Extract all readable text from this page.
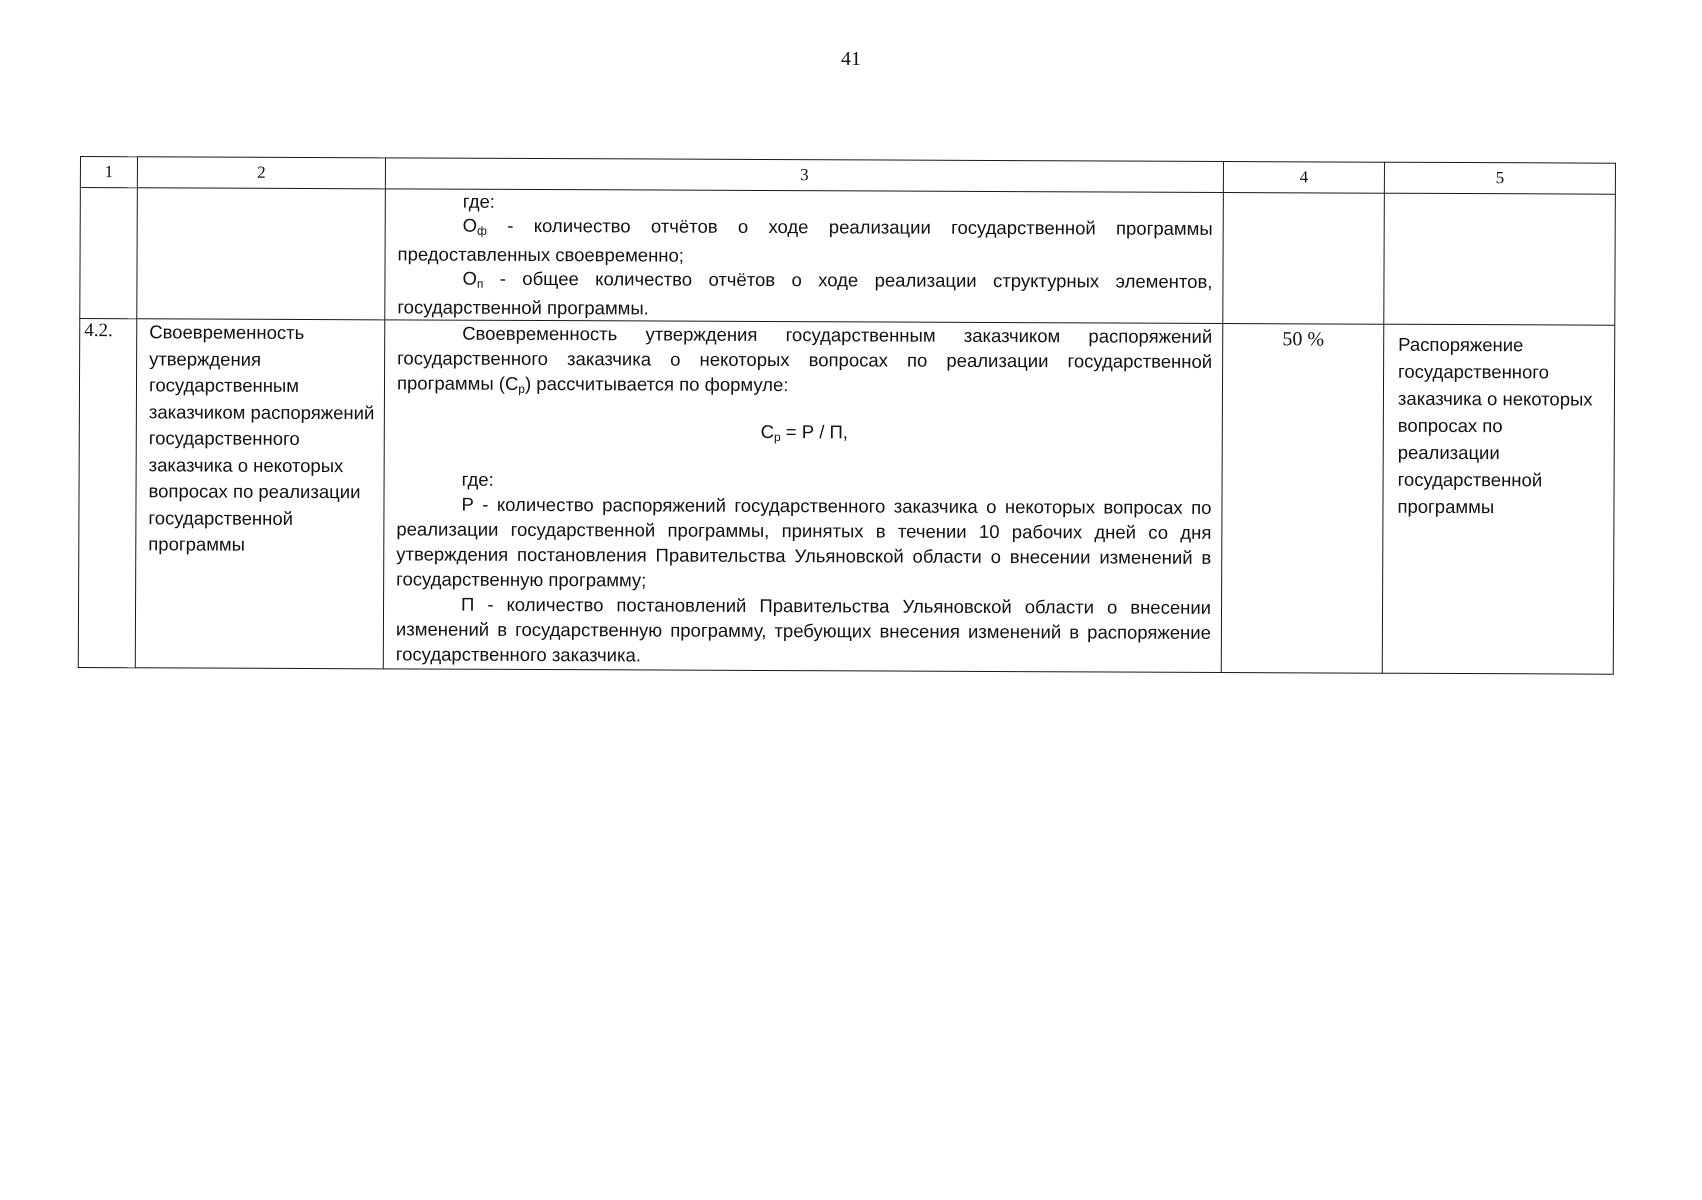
41
1	2	3	4	5

		где:

$О_ф$ - количество отчётов о ходе реализации государственной программы предоставленных своевременно;

$О_п$ - общее количество отчётов о ходе реализации структурных элементов, государственной программы.		

4.2.	Своевременность утверждения государственным заказчиком распоряжений государственного заказчика о некоторых вопросах по реализации государственной программы	Своевременность утверждения государственным заказчиком распоряжений государственного заказчика о некоторых вопросах по реализации государственной программы $(С_р)$ рассчитывается по формуле:

$С_р = Р / П$,

где:

Р - количество распоряжений государственного заказчика о некоторых вопросах по реализации государственной программы, принятых в течении 10 рабочих дней со дня утверждения постановления Правительства Ульяновской области о внесении изменений в государственную программу;

П - количество постановлений Правительства Ульяновской области о внесении изменений в государственную программу, требующих внесения изменений в распоряжение государственного заказчика.	50 %	Распоряжение государственного заказчика о некоторых вопросах по реализации государственной программы
